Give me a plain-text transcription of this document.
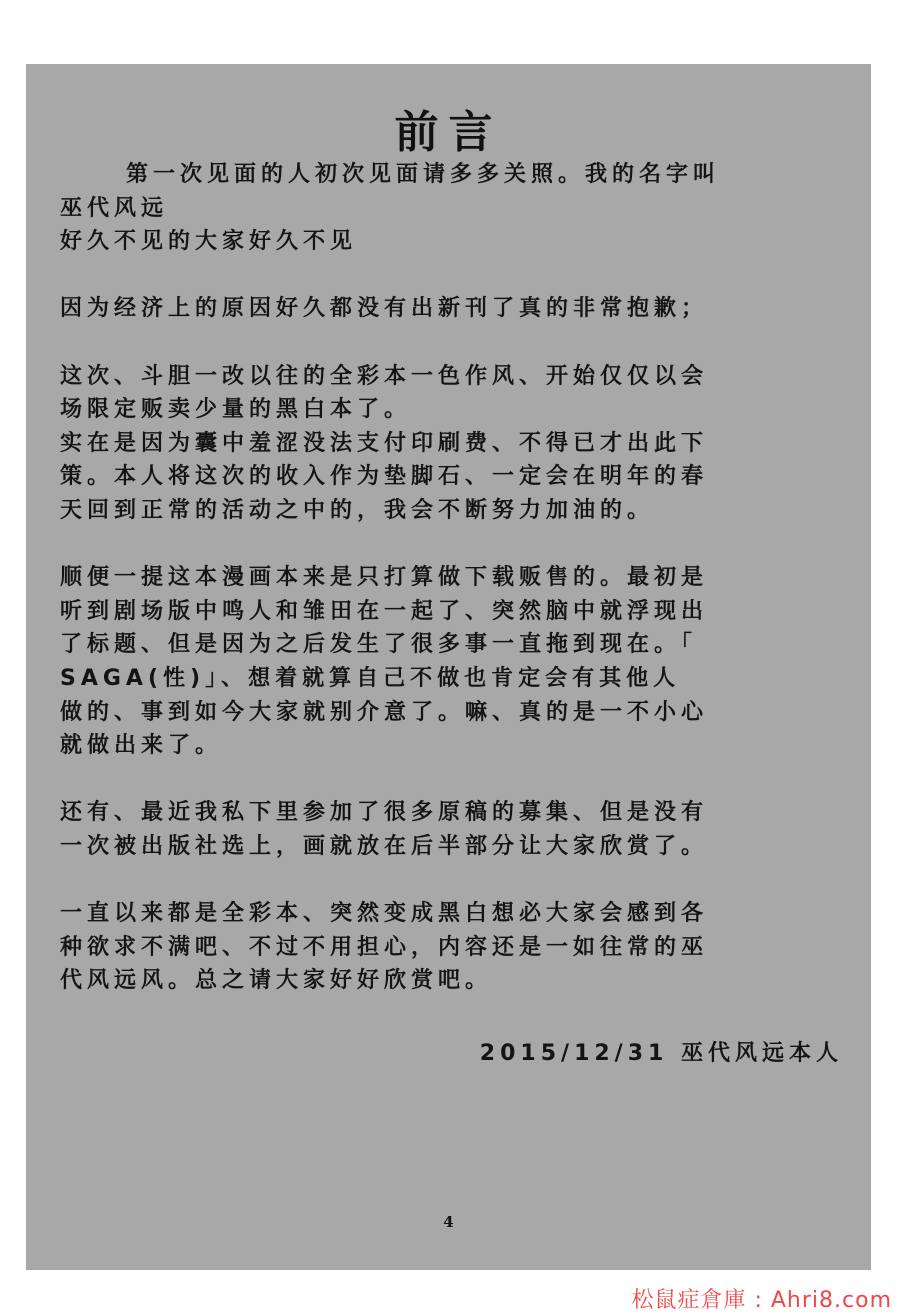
前言
第一次见面的人初次见面请多多关照。我的名字叫
巫代风远
好久不见的大家好久不见
因为经济上的原因好久都没有出新刊了真的非常抱歉；
这次、斗胆一改以往的全彩本一色作风、开始仅仅以会
场限定贩卖少量的黑白本了。
实在是因为囊中羞涩没法支付印刷费、不得已才出此下
策。本人将这次的收入作为垫脚石、一定会在明年的春
天回到正常的活动之中的，我会不断努力加油的。
顺便一提这本漫画本来是只打算做下载贩售的。最初是
听到剧场版中鸣人和雏田在一起了、突然脑中就浮现出
了标题、但是因为之后发生了很多事一直拖到现在。「
SAGA(性)」、想着就算自己不做也肯定会有其他人
做的、事到如今大家就别介意了。嘛、真的是一不小心
就做出来了。
还有、最近我私下里参加了很多原稿的募集、但是没有
一次被出版社选上，画就放在后半部分让大家欣赏了。
一直以来都是全彩本、突然变成黑白想必大家会感到各
种欲求不满吧、不过不用担心，内容还是一如往常的巫
代风远风。总之请大家好好欣赏吧。
2015/12/31 巫代风远本人
4
松鼠症倉庫 : Ahri8.com
